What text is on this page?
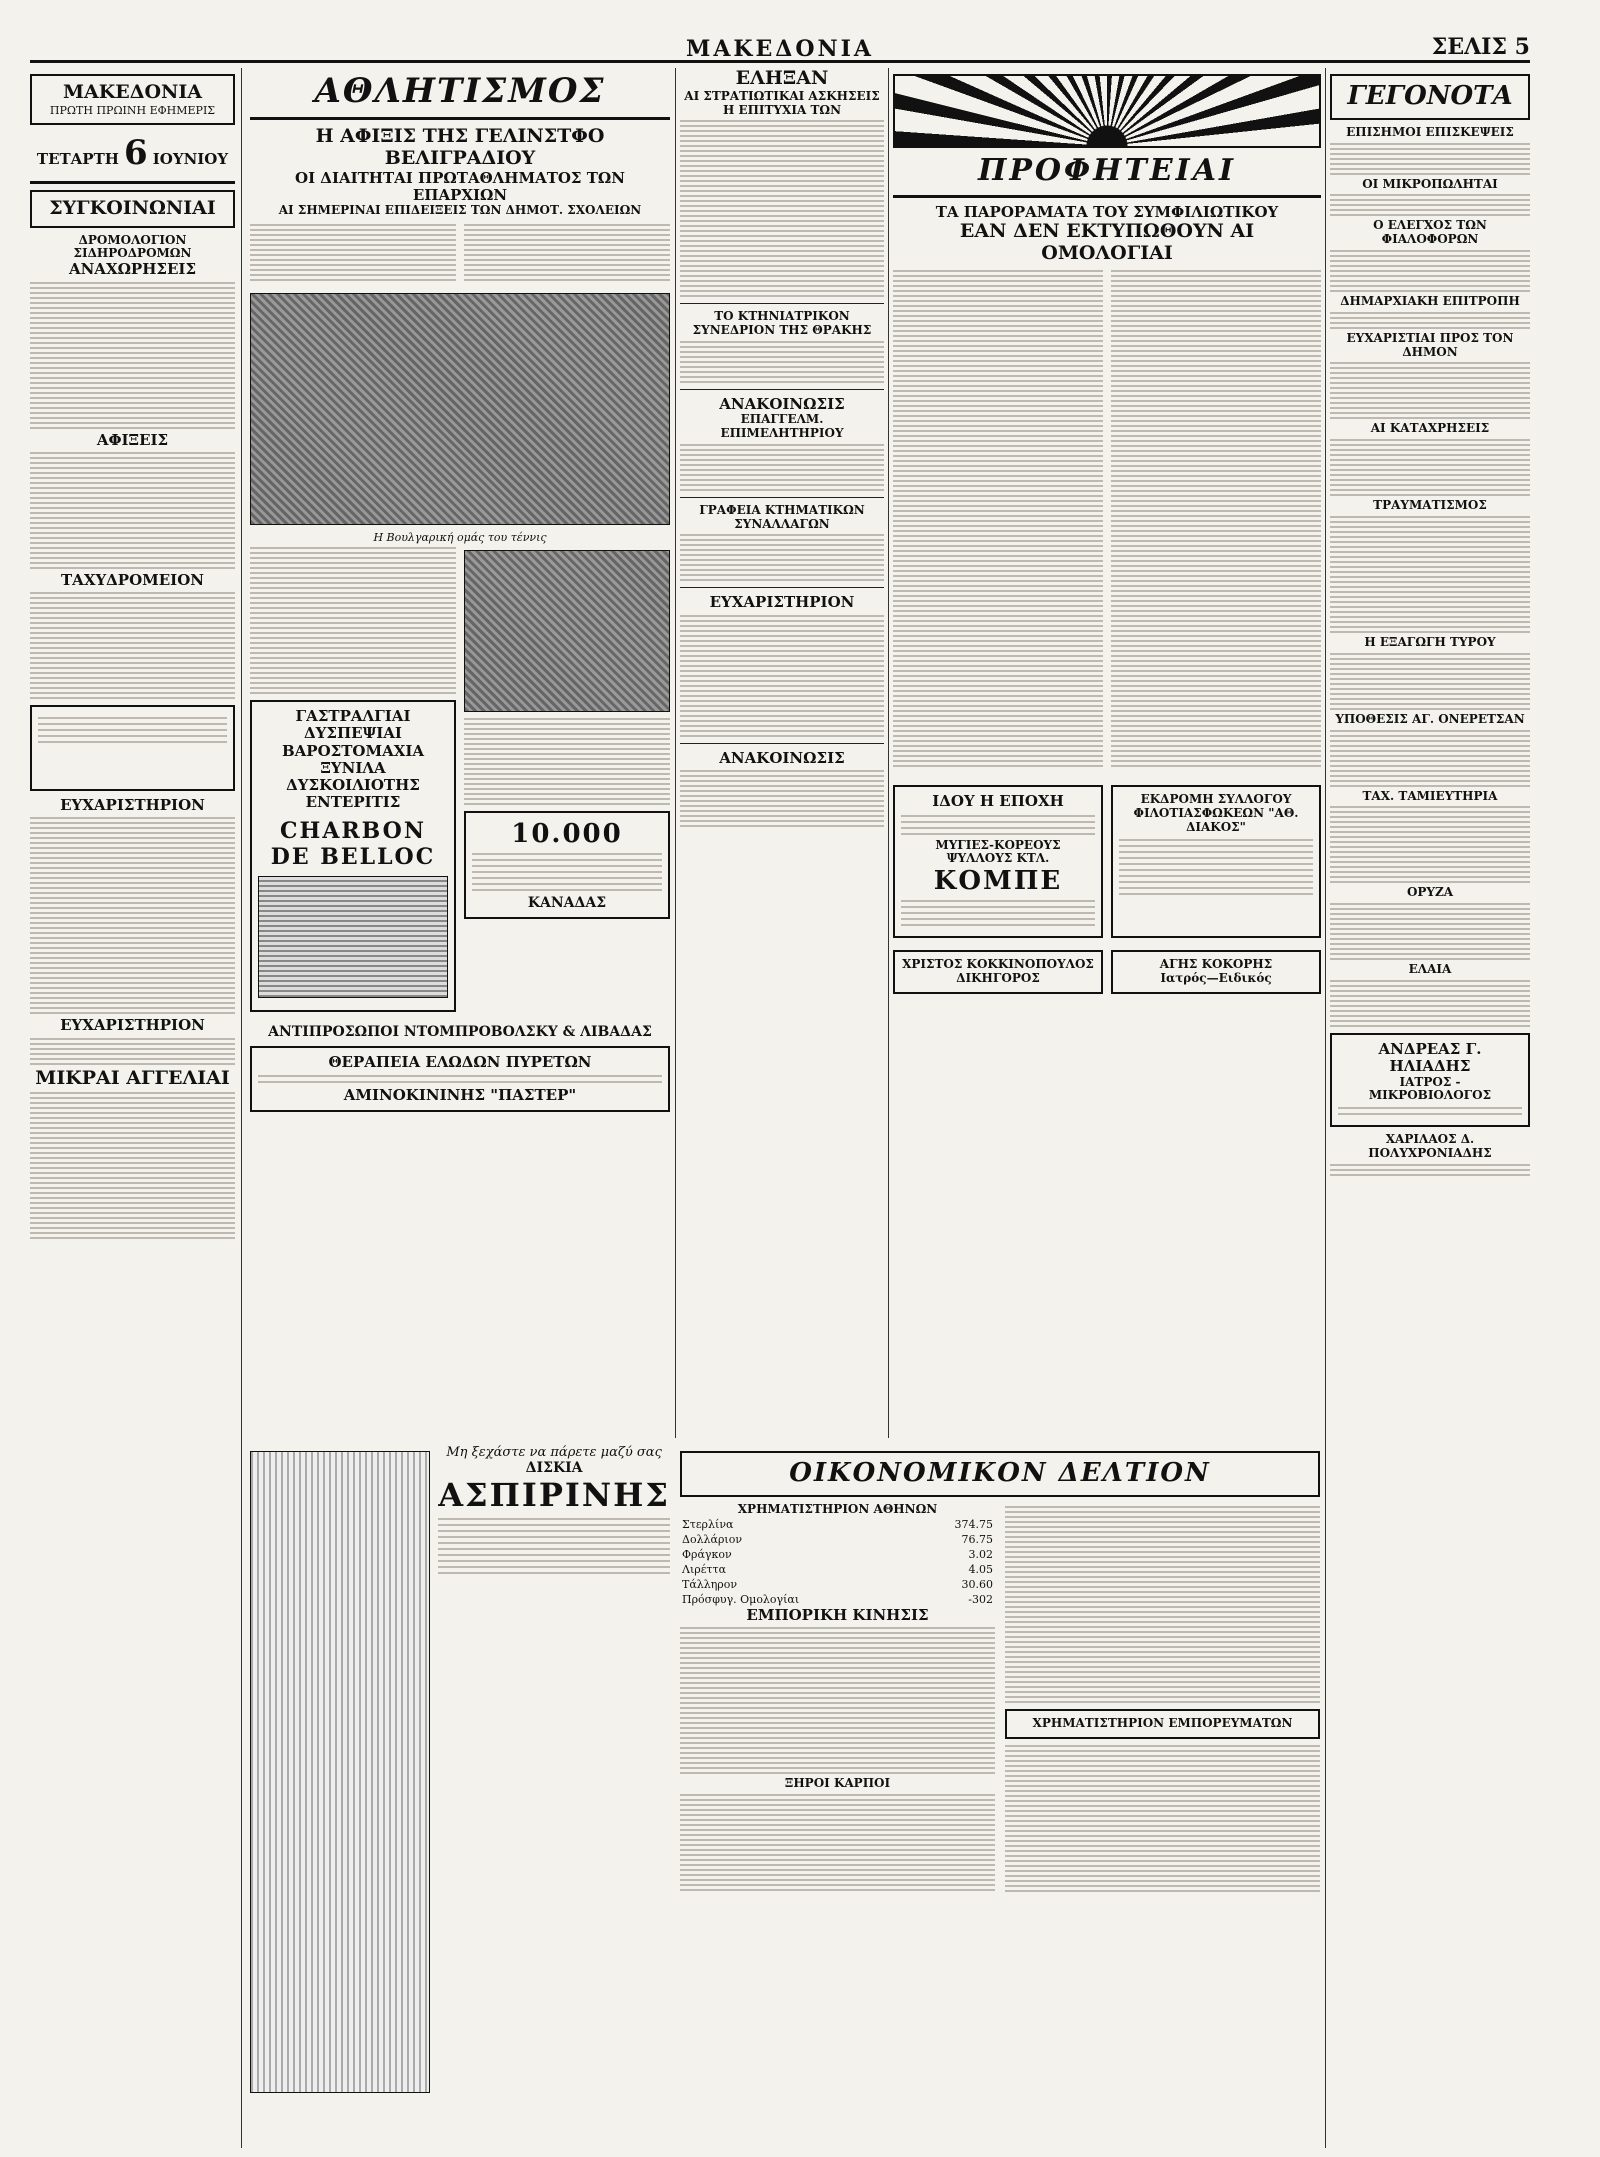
ΜΑΚΕΔΟΝΙΑ	ΣΕΛΙΣ 5
ΜΑΚΕΔΟΝΙΑ
ΠΡΩΤΗ ΠΡΩΙΝΗ ΕΦΗΜΕΡΙΣ
ΤΕΤΑΡΤΗ 6 ΙΟΥΝΙΟΥ
ΣΥΓΚΟΙΝΩΝΙΑΙ
ΔΡΟΜΟΛΟΓΙΟΝ ΣΙΔΗΡΟΔΡΟΜΩΝ
ΑΝΑΧΩΡΗΣΕΙΣ
ΑΦΙΞΕΙΣ
ΤΑΧΥΔΡΟΜΕΙΟΝ
ΕΥΧΑΡΙΣΤΗΡΙΟΝ
ΕΥΧΑΡΙΣΤΗΡΙΟΝ
ΜΙΚΡΑΙ ΑΓΓΕΛΙΑΙ
ΑΘΛΗΤΙΣΜΟΣ
Η ΑΦΙΞΙΣ ΤΗΣ ΓΕΛΙΝΣΤΦΟ ΒΕΛΙΓΡΑΔΙΟΥ
ΟΙ ΔΙΑΙΤΗΤΑΙ ΠΡΩΤΑΘΛΗΜΑΤΟΣ ΤΩΝ ΕΠΑΡΧΙΩΝ
ΑΙ ΣΗΜΕΡΙΝΑΙ ΕΠΙΔΕΙΞΕΙΣ ΤΩΝ ΔΗΜΟΤ. ΣΧΟΛΕΙΩΝ
Η Βουλγαρική ομάς του τέννις
ΓΑΣΤΡΑΛΓΙΑΙ
ΔΥΣΠΕΨΙΑΙ
ΒΑΡΟΣΤΟΜΑΧΙΑ
ΞΥΝΙΛΑ
ΔΥΣΚΟΙΛΙΟΤΗΣ
ΕΝΤΕΡΙΤΙΣ
CHARBON DE BELLOC
10.000
ΚΑΝΑΔΑΣ
ΑΝΤΙΠΡΟΣΩΠΟΙ ΝΤΟΜΠΡΟΒΟΛΣΚΥ & ΛΙΒΑΔΑΣ
ΘΕΡΑΠΕΙΑ ΕΛΩΔΩΝ ΠΥΡΕΤΩΝ
ΑΜΙΝΟΚΙΝΙΝΗΣ "ΠΑΣΤΕΡ"
Μη ξεχάστε να πάρετε μαζύ σας
ΔΙΣΚΙΑ
ΑΣΠΙΡΙΝΗΣ
ΕΛΗΞΑΝ
ΑΙ ΣΤΡΑΤΙΩΤΙΚΑΙ ΑΣΚΗΣΕΙΣ
Η ΕΠΙΤΥΧΙΑ ΤΩΝ
ΤΟ ΚΤΗΝΙΑΤΡΙΚΟΝ
ΣΥΝΕΔΡΙΟΝ ΤΗΣ ΘΡΑΚΗΣ
ΑΝΑΚΟΙΝΩΣΙΣ
ΕΠΑΓΓΕΛΜ. ΕΠΙΜΕΛΗΤΗΡΙΟΥ
ΓΡΑΦΕΙΑ ΚΤΗΜΑΤΙΚΩΝ ΣΥΝΑΛΛΑΓΩΝ
ΕΥΧΑΡΙΣΤΗΡΙΟΝ
ΑΝΑΚΟΙΝΩΣΙΣ
ΠΡΟΦΗΤΕΙΑΙ
ΤΑ ΠΑΡΟΡΑΜΑΤΑ ΤΟΥ ΣΥΜΦΙΛΙΩΤΙΚΟΥ
ΕΑΝ ΔΕΝ ΕΚΤΥΠΩΘΟΥΝ ΑΙ ΟΜΟΛΟΓΙΑΙ
ΙΔΟΥ Η ΕΠΟΧΗ
ΜΥΓΙΕΣ-ΚΟΡΕΟΥΣ ΨΥΛΛΟΥΣ ΚΤΛ.
ΚΟΜΠΕ
ΕΚΔΡΟΜΗ ΣΥΛΛΟΓΟΥ
ΦΙΛΟΤΙΑΣΦΩΚΕΩΝ "ΑΘ. ΔΙΑΚΟΣ"
ΧΡΙΣΤΟΣ ΚΟΚΚΙΝΟΠΟΥΛΟΣ
ΔΙΚΗΓΟΡΟΣ
ΑΓΗΣ ΚΟΚΟΡΗΣ
Ιατρός—Ειδικός
ΟΙΚΟΝΟΜΙΚΟΝ ΔΕΛΤΙΟΝ
ΧΡΗΜΑΤΙΣΤΗΡΙΟΝ ΑΘΗΝΩΝ
Στερλίνα	374.75
Δολλάριον	76.75
Φράγκον	3.02
Λιρέττα	4.05
Τάλληρον	30.60
Πρόσφυγ. Ομολογίαι	-302
ΕΜΠΟΡΙΚΗ ΚΙΝΗΣΙΣ
ΞΗΡΟΙ ΚΑΡΠΟΙ
ΧΡΗΜΑΤΙΣΤΗΡΙΟΝ ΕΜΠΟΡΕΥΜΑΤΩΝ
ΓΕΓΟΝΟΤΑ
ΕΠΙΣΗΜΟΙ ΕΠΙΣΚΕΨΕΙΣ
ΟΙ ΜΙΚΡΟΠΩΛΗΤΑΙ
Ο ΕΛΕΓΧΟΣ ΤΩΝ ΦΙΑΛΟΦΟΡΩΝ
ΔΗΜΑΡΧΙΑΚΗ ΕΠΙΤΡΟΠΗ
ΕΥΧΑΡΙΣΤΙΑΙ ΠΡΟΣ ΤΟΝ ΔΗΜΟΝ
ΑΙ ΚΑΤΑΧΡΗΣΕΙΣ
ΤΡΑΥΜΑΤΙΣΜΟΣ
Η ΕΞΑΓΩΓΗ ΤΥΡΟΥ
ΥΠΟΘΕΣΙΣ ΑΓ. ΟΝΕΡΕΤΣΑΝ
ΤΑΧ. ΤΑΜΙΕΥΤΗΡΙΑ
ΟΡΥΖΑ
ΕΛΑΙΑ
ΑΝΔΡΕΑΣ Γ. ΗΛΙΑΔΗΣ
ΙΑΤΡΟΣ - ΜΙΚΡΟΒΙΟΛΟΓΟΣ
ΧΑΡΙΛΑΟΣ Δ. ΠΟΛΥΧΡΟΝΙΑΔΗΣ
